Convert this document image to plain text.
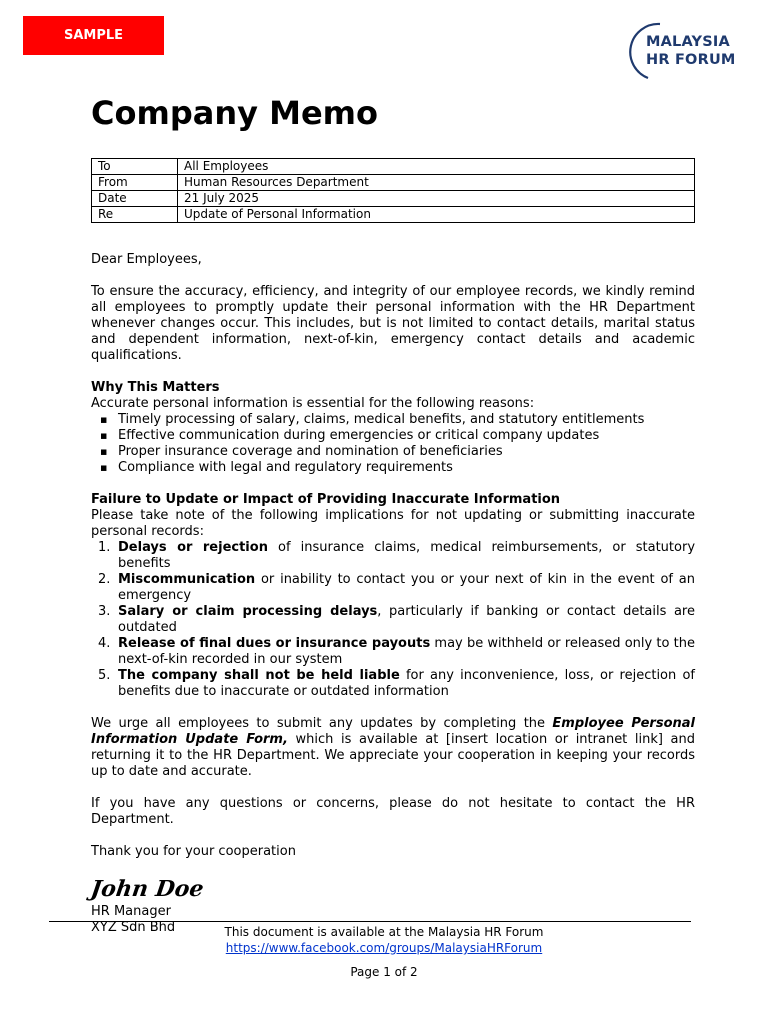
SAMPLE	MALAYSIA
HR FORUM
Company Memo
To	All Employees
From	Human Resources Department
Date	21 July 2025
Re	Update of Personal Information

Dear Employees,

To ensure the accuracy, efficiency, and integrity of our employee records, we kindly remind all employees to promptly update their personal information with the HR Department whenever changes occur. This includes, but is not limited to contact details, marital status and dependent information, next-of-kin, emergency contact details and academic qualifications.

Why This Matters

Accurate personal information is essential for the following reasons:

▪ Timely processing of salary, claims, medical benefits, and statutory entitlements
▪ Effective communication during emergencies or critical company updates
▪ Proper insurance coverage and nomination of beneficiaries
▪ Compliance with legal and regulatory requirements
Failure to Update or Impact of Providing Inaccurate Information

Please take note of the following implications for not updating or submitting inaccurate personal records:

1. Delays or rejection of insurance claims, medical reimbursements, or statutory benefits
2. Miscommunication or inability to contact you or your next of kin in the event of an emergency
3. Salary or claim processing delays, particularly if banking or contact details are outdated
4. Release of final dues or insurance payouts may be withheld or released only to the next-of-kin recorded in our system
5. The company shall not be held liable for any inconvenience, loss, or rejection of benefits due to inaccurate or outdated information

We urge all employees to submit any updates by completing the Employee Personal Information Update Form, which is available at [insert location or intranet link] and returning it to the HR Department. We appreciate your cooperation in keeping your records up to date and accurate.

If you have any questions or concerns, please do not hesitate to contact the HR Department.

Thank you for your cooperation

John Doe

HR Manager

XYZ Sdn Bhd	This document is available at the Malaysia HR Forum
https://www.facebook.com/groups/MalaysiaHRForum
Page 1 of 2
